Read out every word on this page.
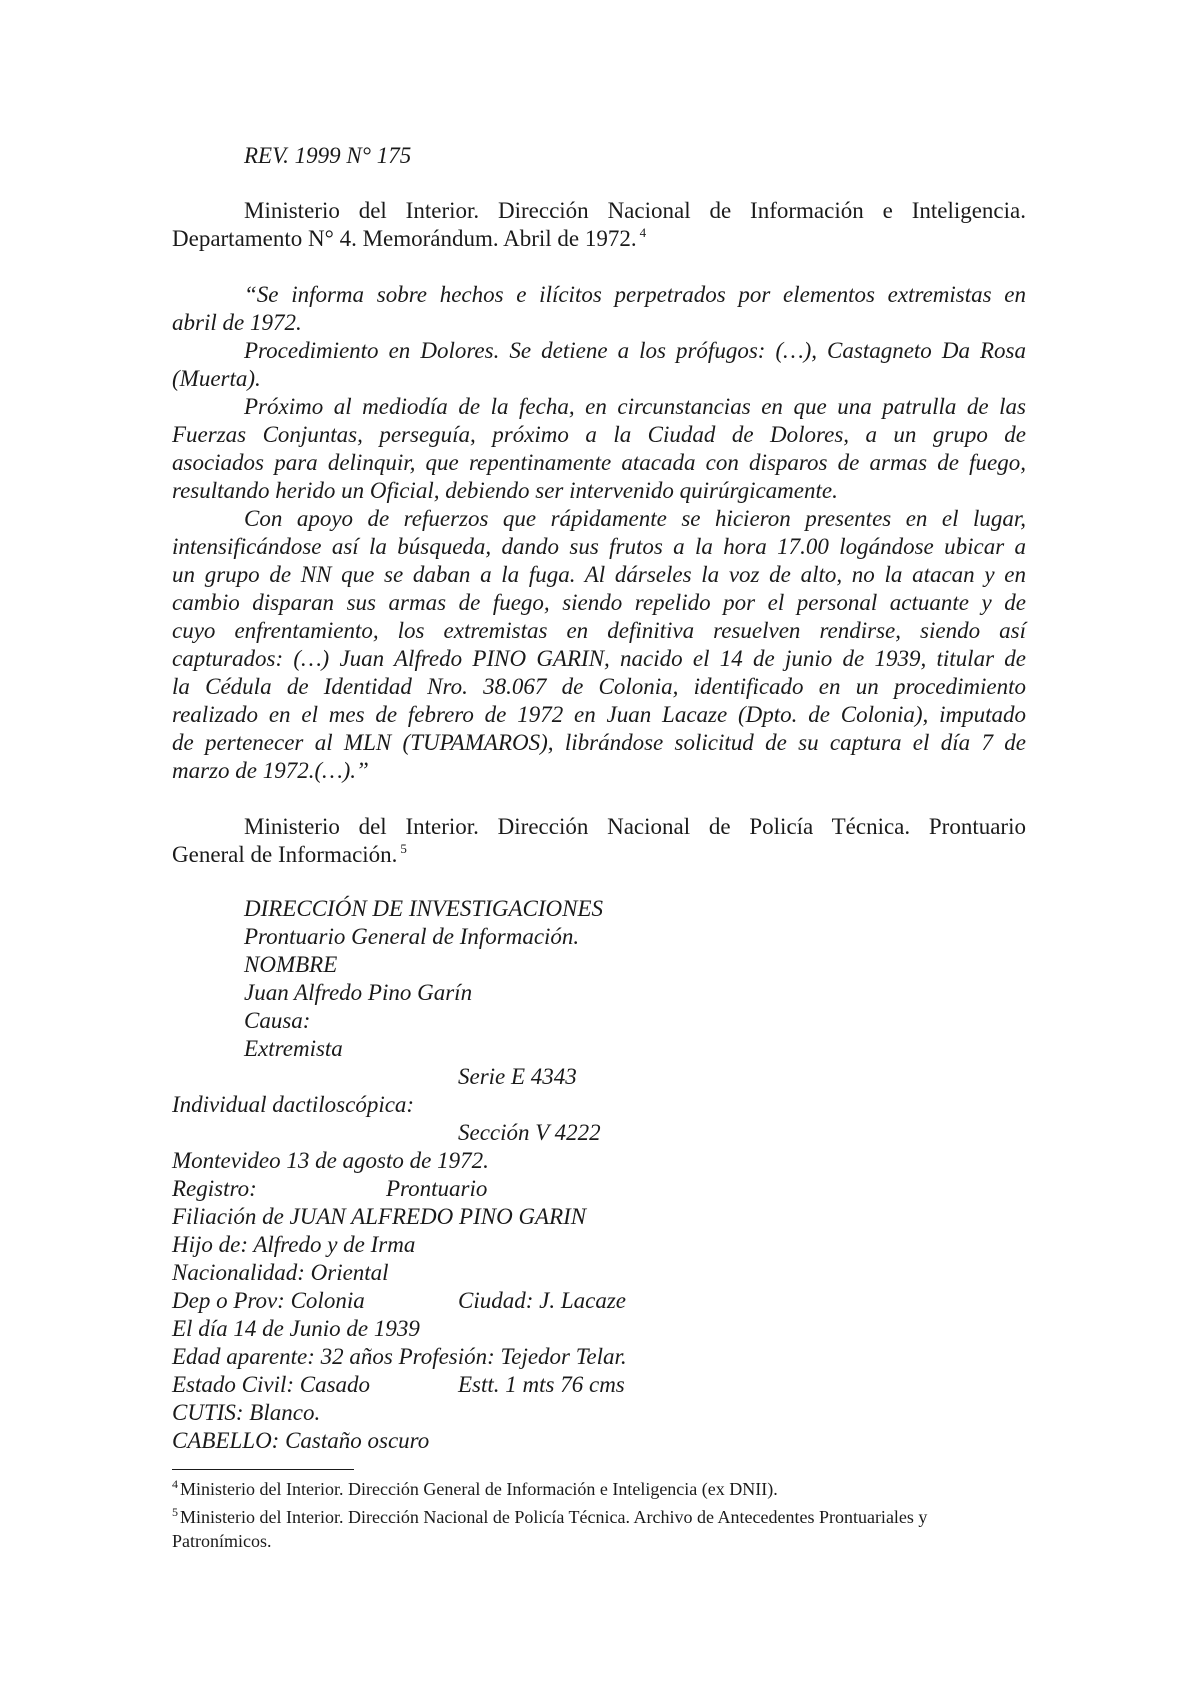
REV. 1999 N° 175
Ministerio del Interior. Dirección Nacional de Información e Inteligencia.
Departamento N° 4. Memorándum. Abril de 1972. $^4$
“Se informa sobre hechos e ilícitos perpetrados por elementos extremistas en
abril de 1972.
Procedimiento en Dolores. Se detiene a los prófugos: (…), Castagneto Da Rosa
(Muerta).
Próximo al mediodía de la fecha, en circunstancias en que una patrulla de las
Fuerzas Conjuntas, perseguía, próximo a la Ciudad de Dolores, a un grupo de
asociados para delinquir, que repentinamente atacada con disparos de armas de fuego,
resultando herido un Oficial, debiendo ser intervenido quirúrgicamente.
Con apoyo de refuerzos que rápidamente se hicieron presentes en el lugar,
intensificándose así la búsqueda, dando sus frutos a la hora 17.00 logándose ubicar a
un grupo de NN que se daban a la fuga. Al dárseles la voz de alto, no la atacan y en
cambio disparan sus armas de fuego, siendo repelido por el personal actuante y de
cuyo enfrentamiento, los extremistas en definitiva resuelven rendirse, siendo así
capturados: (…) Juan Alfredo PINO GARIN, nacido el 14 de junio de 1939, titular de
la Cédula de Identidad Nro. 38.067 de Colonia, identificado en un procedimiento
realizado en el mes de febrero de 1972 en Juan Lacaze (Dpto. de Colonia), imputado
de pertenecer al MLN (TUPAMAROS), librándose solicitud de su captura el día 7 de
marzo de 1972.(…).”
Ministerio del Interior. Dirección Nacional de Policía Técnica. Prontuario
General de Información. $^5$
DIRECCIÓN DE INVESTIGACIONES
Prontuario General de Información.
NOMBRE
Juan Alfredo Pino Garín
Causa:
Extremista
Serie E 4343
Individual dactiloscópica:
Sección V 4222
Montevideo 13 de agosto de 1972.
Registro:	Prontuario
Filiación de JUAN ALFREDO PINO GARIN
Hijo de: Alfredo y de Irma
Nacionalidad: Oriental
Dep o Prov: Colonia	Ciudad: J. Lacaze
El día 14 de Junio de 1939
Edad aparente: 32 años Profesión: Tejedor Telar.
Estado Civil: Casado	Estt. 1 mts 76 cms
CUTIS: Blanco.
CABELLO: Castaño oscuro
$^4$ Ministerio del Interior. Dirección General de Información e Inteligencia (ex DNII).
$^5$ Ministerio del Interior. Dirección Nacional de Policía Técnica. Archivo de Antecedentes Prontuariales y
Patronímicos.
